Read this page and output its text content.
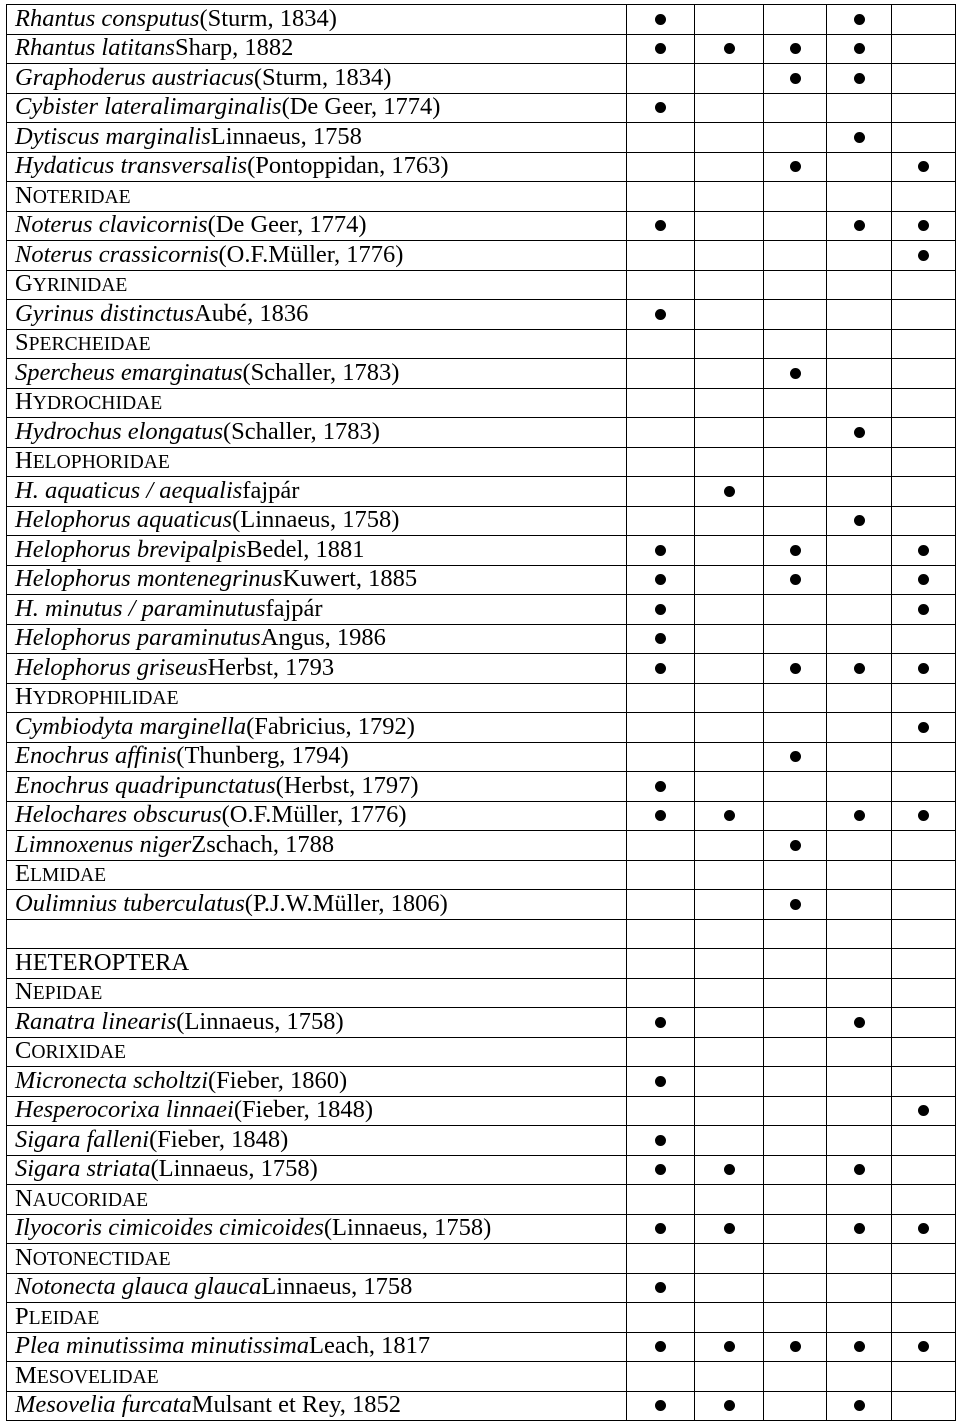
Rhantus consputus (Sturm, 1834)
Rhantus latitans Sharp, 1882
Graphoderus austriacus (Sturm, 1834)
Cybister lateralimarginalis (De Geer, 1774)
Dytiscus marginalis Linnaeus, 1758
Hydaticus transversalis (Pontoppidan, 1763)
NOTERIDAE
Noterus clavicornis (De Geer, 1774)
Noterus crassicornis (O.F.Müller, 1776)
GYRINIDAE
Gyrinus distinctus Aubé, 1836
SPERCHEIDAE
Spercheus emarginatus (Schaller, 1783)
HYDROCHIDAE
Hydrochus elongatus (Schaller, 1783)
HELOPHORIDAE
H. aquaticus / aequalis fajpár
Helophorus aquaticus (Linnaeus, 1758)
Helophorus brevipalpis Bedel, 1881
Helophorus montenegrinus Kuwert, 1885
H. minutus / paraminutus fajpár
Helophorus paraminutus Angus, 1986
Helophorus griseus Herbst, 1793
HYDROPHILIDAE
Cymbiodyta marginella (Fabricius, 1792)
Enochrus affinis (Thunberg, 1794)
Enochrus quadripunctatus (Herbst, 1797)
Helochares obscurus (O.F.Müller, 1776)
Limnoxenus niger Zschach, 1788
ELMIDAE
Oulimnius tuberculatus (P.J.W.Müller, 1806)
HETEROPTERA
NEPIDAE
Ranatra linearis (Linnaeus, 1758)
CORIXIDAE
Micronecta scholtzi (Fieber, 1860)
Hesperocorixa linnaei (Fieber, 1848)
Sigara falleni (Fieber, 1848)
Sigara striata (Linnaeus, 1758)
NAUCORIDAE
Ilyocoris cimicoides cimicoides (Linnaeus, 1758)
NOTONECTIDAE
Notonecta glauca glauca Linnaeus, 1758
PLEIDAE
Plea minutissima minutissima Leach, 1817
MESOVELIDAE
Mesovelia furcata Mulsant et Rey, 1852
